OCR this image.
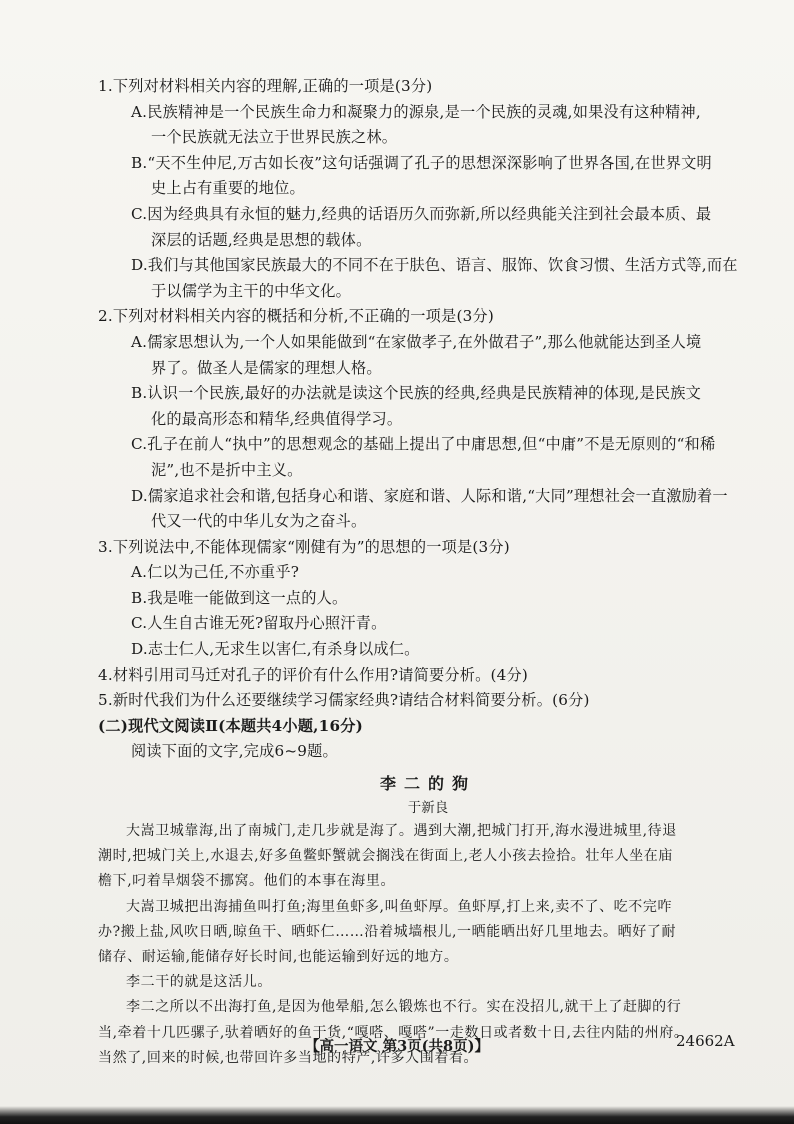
1.下列对材料相关内容的理解,正确的一项是(3分)
A.民族精神是一个民族生命力和凝聚力的源泉,是一个民族的灵魂,如果没有这种精神,
一个民族就无法立于世界民族之林。
B.“天不生仲尼,万古如长夜”这句话强调了孔子的思想深深影响了世界各国,在世界文明
史上占有重要的地位。
C.因为经典具有永恒的魅力,经典的话语历久而弥新,所以经典能关注到社会最本质、最
深层的话题,经典是思想的载体。
D.我们与其他国家民族最大的不同不在于肤色、语言、服饰、饮食习惯、生活方式等,而在
于以儒学为主干的中华文化。
2.下列对材料相关内容的概括和分析,不正确的一项是(3分)
A.儒家思想认为,一个人如果能做到“在家做孝子,在外做君子”,那么他就能达到圣人境
界了。做圣人是儒家的理想人格。
B.认识一个民族,最好的办法就是读这个民族的经典,经典是民族精神的体现,是民族文
化的最高形态和精华,经典值得学习。
C.孔子在前人“执中”的思想观念的基础上提出了中庸思想,但“中庸”不是无原则的“和稀
泥”,也不是折中主义。
D.儒家追求社会和谐,包括身心和谐、家庭和谐、人际和谐,“大同”理想社会一直激励着一
代又一代的中华儿女为之奋斗。
3.下列说法中,不能体现儒家“刚健有为”的思想的一项是(3分)
A.仁以为己任,不亦重乎?
B.我是唯一能做到这一点的人。
C.人生自古谁无死?留取丹心照汗青。
D.志士仁人,无求生以害仁,有杀身以成仁。
4.材料引用司马迁对孔子的评价有什么作用?请简要分析。(4分)
5.新时代我们为什么还要继续学习儒家经典?请结合材料简要分析。(6分)
(二)现代文阅读Ⅱ(本题共4小题,16分)
阅读下面的文字,完成6~9题。
李二的狗
于新良
大嵩卫城靠海,出了南城门,走几步就是海了。遇到大潮,把城门打开,海水漫进城里,待退
潮时,把城门关上,水退去,好多鱼鳖虾蟹就会搁浅在街面上,老人小孩去捡拾。壮年人坐在庙
檐下,叼着旱烟袋不挪窝。他们的本事在海里。
大嵩卫城把出海捕鱼叫打鱼;海里鱼虾多,叫鱼虾厚。鱼虾厚,打上来,卖不了、吃不完咋
办?搬上盐,风吹日晒,晾鱼干、晒虾仁……沿着城墙根儿,一晒能晒出好几里地去。晒好了耐
储存、耐运输,能储存好长时间,也能运输到好远的地方。
李二干的就是这活儿。
李二之所以不出海打鱼,是因为他晕船,怎么锻炼也不行。实在没招儿,就干上了赶脚的行
当,牵着十几匹骡子,驮着晒好的鱼干货,“嘎嗒、嘎嗒”一走数日或者数十日,去往内陆的州府。
当然了,回来的时候,也带回许多当地的特产,许多人围着看。
【高一语文 第3页(共8页)】	24662A
